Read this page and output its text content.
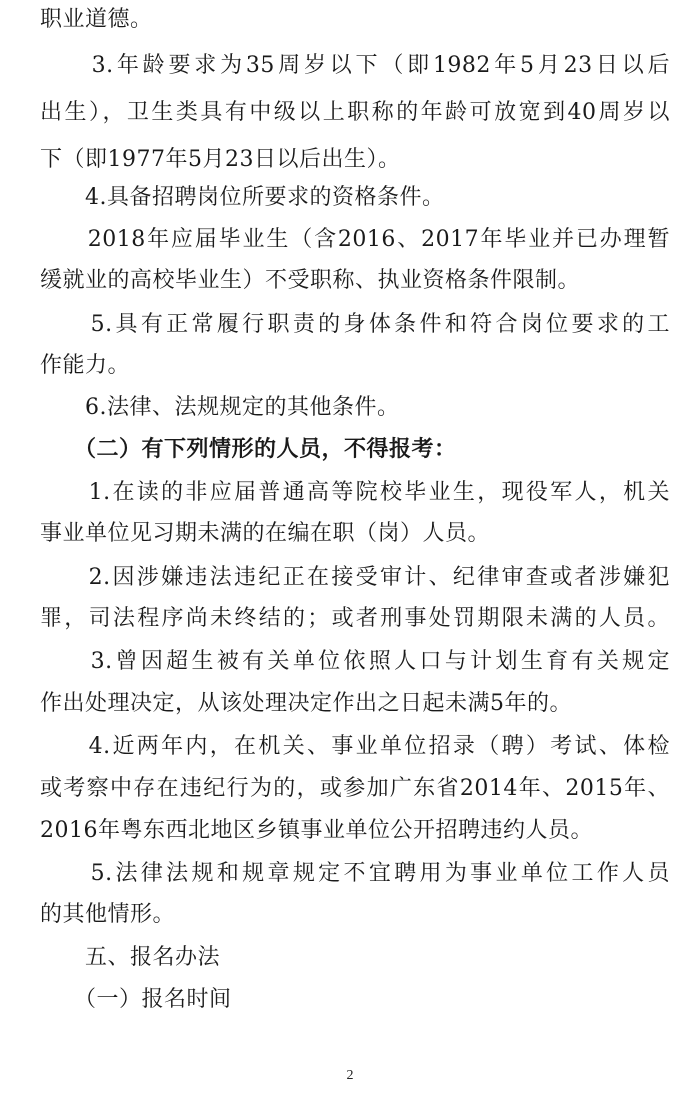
职业道德。
　　3.年龄要求为35周岁以下（即1982年5月23日以后
出生），卫生类具有中级以上职称的年龄可放宽到40周岁以
下（即1977年5月23日以后出生）。
　　4.具备招聘岗位所要求的资格条件。
　　2018年应届毕业生（含2016、2017年毕业并已办理暂
缓就业的高校毕业生）不受职称、执业资格条件限制。
　　5.具有正常履行职责的身体条件和符合岗位要求的工
作能力。
　　6.法律、法规规定的其他条件。
　　（二）有下列情形的人员，不得报考：
　　1.在读的非应届普通高等院校毕业生，现役军人，机关
事业单位见习期未满的在编在职（岗）人员。
　　2.因涉嫌违法违纪正在接受审计、纪律审查或者涉嫌犯
罪，司法程序尚未终结的；或者刑事处罚期限未满的人员。
　　3.曾因超生被有关单位依照人口与计划生育有关规定
作出处理决定，从该处理决定作出之日起未满5年的。
　　4.近两年内，在机关、事业单位招录（聘）考试、体检
或考察中存在违纪行为的，或参加广东省2014年、2015年、
2016年粤东西北地区乡镇事业单位公开招聘违约人员。
　　5.法律法规和规章规定不宜聘用为事业单位工作人员
的其他情形。
　　五、报名办法
　　（一）报名时间
2
